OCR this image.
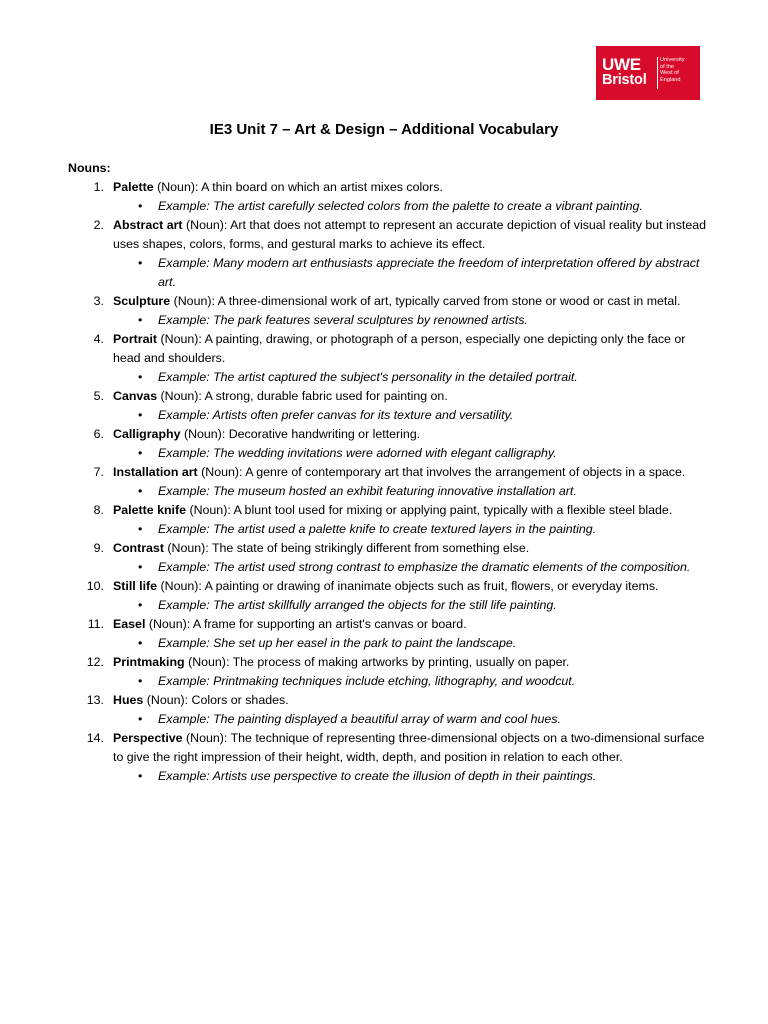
UWE
Bristol
University
of the
West of
England
IE3 Unit 7 – Art & Design – Additional Vocabulary
Nouns:
1. Palette (Noun): A thin board on which an artist mixes colors.
• Example: The artist carefully selected colors from the palette to create a vibrant painting.
2. Abstract art (Noun): Art that does not attempt to represent an accurate depiction of visual reality but instead uses shapes, colors, forms, and gestural marks to achieve its effect.
• Example: Many modern art enthusiasts appreciate the freedom of interpretation offered by abstract art.
3. Sculpture (Noun): A three-dimensional work of art, typically carved from stone or wood or cast in metal.
• Example: The park features several sculptures by renowned artists.
4. Portrait (Noun): A painting, drawing, or photograph of a person, especially one depicting only the face or head and shoulders.
• Example: The artist captured the subject's personality in the detailed portrait.
5. Canvas (Noun): A strong, durable fabric used for painting on.
• Example: Artists often prefer canvas for its texture and versatility.
6. Calligraphy (Noun): Decorative handwriting or lettering.
• Example: The wedding invitations were adorned with elegant calligraphy.
7. Installation art (Noun): A genre of contemporary art that involves the arrangement of objects in a space.
• Example: The museum hosted an exhibit featuring innovative installation art.
8. Palette knife (Noun): A blunt tool used for mixing or applying paint, typically with a flexible steel blade.
• Example: The artist used a palette knife to create textured layers in the painting.
9. Contrast (Noun): The state of being strikingly different from something else.
• Example: The artist used strong contrast to emphasize the dramatic elements of the composition.
10. Still life (Noun): A painting or drawing of inanimate objects such as fruit, flowers, or everyday items.
• Example: The artist skillfully arranged the objects for the still life painting.
11. Easel (Noun): A frame for supporting an artist's canvas or board.
• Example: She set up her easel in the park to paint the landscape.
12. Printmaking (Noun): The process of making artworks by printing, usually on paper.
• Example: Printmaking techniques include etching, lithography, and woodcut.
13. Hues (Noun): Colors or shades.
• Example: The painting displayed a beautiful array of warm and cool hues.
14. Perspective (Noun): The technique of representing three-dimensional objects on a two-dimensional surface to give the right impression of their height, width, depth, and position in relation to each other.
• Example: Artists use perspective to create the illusion of depth in their paintings.
